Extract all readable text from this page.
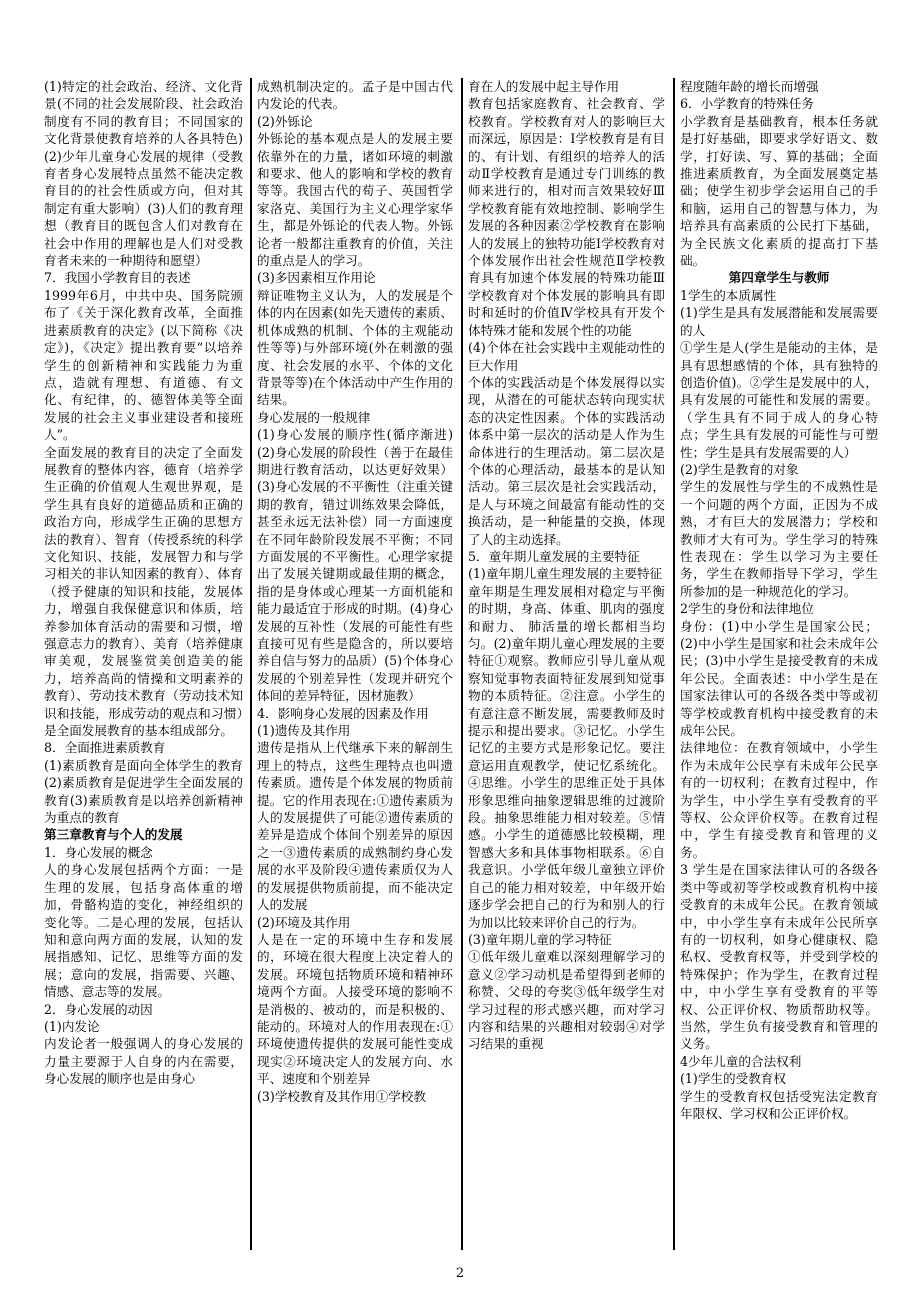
(1)特定的社会政治、经济、文化背景(不同的社会发展阶段、社会政治制度有不同的教育目；不同国家的文化背景使教育培养的人各具特色)(2)少年儿童身心发展的规律（受教育者身心发展特点虽然不能决定教育目的的社会性质或方向，但对其制定有重大影响）(3)人们的教育理想（教育目的既包含人们对教育在社会中作用的理解也是人们对受教育者未来的一种期待和愿望）

7．我国小学教育目的表述

1999年6月，中共中央、国务院颁布了《关于深化教育改革，全面推进素质教育的决定》(以下简称《决定》)，《决定》提出教育要“以培养学生的创新精神和实践能力为重点，造就有理想、有道德、有文化、有纪律，的、德智体美等全面发展的社会主义事业建设者和接班人”。

全面发展的教育目的决定了全面发展教育的整体内容，德育（培养学生正确的价值观人生观世界观，是学生具有良好的道德品质和正确的政治方向，形成学生正确的思想方法的教育）、智育（传授系统的科学文化知识、技能，发展智力和与学习相关的非认知因素的教育）、体育（授予健康的知识和技能，发展体力，增强自我保健意识和体质，培养参加体育活动的需要和习惯，增强意志力的教育）、美育（培养健康审美观，发展鉴赏美创造美的能力，培养高尚的情操和文明素养的教育）、劳动技术教育（劳动技术知识和技能，形成劳动的观点和习惯）是全面发展教育的基本组成部分。

8．全面推进素质教育

(1)素质教育是面向全体学生的教育(2)素质教育是促进学生全面发展的教育(3)素质教育是以培养创新精神为重点的教育

第三章教育与个人的发展

1．身心发展的概念

人的身心发展包括两个方面：一是生理的发展，包括身高体重的增加，骨骼构造的变化，神经组织的变化等。二是心理的发展，包括认知和意向两方面的发展，认知的发展指感知、记忆、思维等方面的发展；意向的发展，指需要、兴趣、情感、意志等的发展。

2．身心发展的动因

(1)内发论

内发论者一般强调人的身心发展的力量主要源于人自身的内在需要，身心发展的顺序也是由身心

成熟机制决定的。孟子是中国古代内发论的代表。

(2)外铄论

外铄论的基本观点是人的发展主要依靠外在的力量，诸如环境的刺激和要求、他人的影响和学校的教育等等。我国古代的荀子、英国哲学家洛克、美国行为主义心理学家华生，都是外铄论的代表人物。外铄论者一般都注重教育的价值，关注的重点是人的学习。

(3)多因素相互作用论

辩证唯物主义认为，人的发展是个体的内在因素(如先天遗传的素质、机体成熟的机制、个体的主观能动性等等)与外部环境(外在刺激的强度、社会发展的水平、个体的文化背景等等)在个体活动中产生作用的结果。

身心发展的一般规律

(1)身心发展的顺序性(循序渐进)(2)身心发展的阶段性（善于在最佳期进行教育活动，以达更好效果）(3)身心发展的不平衡性（注重关键期的教育，错过训练效果会降低，甚至永远无法补偿）同一方面速度在不同年龄阶段发展不平衡；不同方面发展的不平衡性。心理学家提出了发展关键期或最佳期的概念，指的是身体或心理某一方面机能和能力最适宜于形成的时期。(4)身心发展的互补性（发展的可能性有些直接可见有些是隐含的，所以要培养自信与努力的品质）(5)个体身心发展的个别差异性（发现并研究个体间的差异特征，因材施教）

4．影响身心发展的因素及作用

(1)遗传及其作用

遗传是指从上代继承下来的解剖生理上的特点，这些生理特点也叫遗传素质。遗传是个体发展的物质前提。它的作用表现在:①遗传素质为人的发展提供了可能②遗传素质的差异是造成个体间个别差异的原因之一③遗传素质的成熟制约身心发展的水平及阶段④遗传素质仅为人的发展提供物质前提，而不能决定人的发展

(2)环境及其作用

人是在一定的环境中生存和发展的，环境在很大程度上决定着人的发展。环境包括物质环境和精神环境两个方面。人接受环境的影响不是消极的、被动的，而是积极的、能动的。环境对人的作用表现在:①环境使遗传提供的发展可能性变成现实②环境决定人的发展方向、水平、速度和个别差异

(3)学校教育及其作用①学校教

育在人的发展中起主导作用

教育包括家庭教育、社会教育、学校教育。学校教育对人的影响巨大而深远，原因是：Ⅰ学校教育是有目的、有计划、有组织的培养人的活动Ⅱ学校教育是通过专门训练的教师来进行的，相对而言效果较好Ⅲ学校教育能有效地控制、影响学生发展的各种因素②学校教育在影响人的发展上的独特功能Ⅰ学校教育对个体发展作出社会性规范Ⅱ学校教育具有加速个体发展的特殊功能Ⅲ学校教育对个体发展的影响具有即时和延时的价值Ⅳ学校具有开发个体特殊才能和发展个性的功能

(4)个体在社会实践中主观能动性的巨大作用

个体的实践活动是个体发展得以实现，从潜在的可能状态转向现实状态的决定性因素。个体的实践活动体系中第一层次的活动是人作为生命体进行的生理活动。第二层次是个体的心理活动，最基本的是认知活动。第三层次是社会实践活动，是人与环境之间最富有能动性的交换活动，是一种能量的交换，体现了人的主动选择。

5．童年期儿童发展的主要特征

(1)童年期儿童生理发展的主要特征

童年期是生理发展相对稳定与平衡的时期，身高、体重、肌肉的强度和耐力、 肺活量的增长都相当均匀。(2)童年期儿童心理发展的主要特征①观察。教师应引导儿童从观察知觉事物表面特征发展到知觉事物的本质特征。②注意。小学生的有意注意不断发展，需要教师及时提示和提出要求。③记忆。小学生记忆的主要方式是形象记忆。要注意运用直观教学，使记忆系统化。④思维。小学生的思维正处于具体形象思维向抽象逻辑思维的过渡阶段。抽象思维能力相对较差。⑤情感。小学生的道德感比较模糊，理智感大多和具体事物相联系。⑥自我意识。小学低年级儿童独立评价自己的能力相对较差，中年级开始逐步学会把自己的行为和别人的行为加以比较来评价自己的行为。

(3)童年期儿童的学习特征

①低年级儿童难以深刻理解学习的意义②学习动机是希望得到老师的称赞、父母的夸奖③低年级学生对学习过程的形式感兴趣，而对学习内容和结果的兴趣相对较弱④对学习结果的重视

程度随年龄的增长而增强

6．小学教育的特殊任务

小学教育是基础教育，根本任务就是打好基础，即要求学好语文、数学，打好读、写、算的基础；全面推进素质教育，为全面发展奠定基础；使学生初步学会运用自己的手和脑，运用自己的智慧与体力，为培养具有高素质的公民打下基础，为全民族文化素质的提高打下基础。

第四章学生与教师

1学生的本质属性

(1)学生是具有发展潜能和发展需要的人

①学生是人(学生是能动的主体，是具有思想感情的个体，具有独特的创造价值)。②学生是发展中的人，具有发展的可能性和发展的需要。（学生具有不同于成人的身心特点；学生具有发展的可能性与可塑性；学生是具有发展需要的人）

(2)学生是教育的对象

学生的发展性与学生的不成熟性是一个问题的两个方面，正因为不成熟，才有巨大的发展潜力；学校和教师才大有可为。学生学习的特殊性表现在：学生以学习为主要任务，学生在教师指导下学习，学生所参加的是一种规范化的学习。

2学生的身份和法律地位

身份：(1)中小学生是国家公民；(2)中小学生是国家和社会未成年公民；(3)中小学生是接受教育的未成年公民。全面表述：中小学生是在国家法律认可的各级各类中等或初等学校或教育机构中接受教育的未成年公民。

法律地位：在教育领域中，小学生作为未成年公民享有未成年公民享有的一切权利；在教育过程中，作为学生，中小学生享有受教育的平等权、公众评价权等。在教育过程中，学生有接受教育和管理的义务。

3 学生是在国家法律认可的各级各类中等或初等学校或教育机构中接受教育的未成年公民。在教育领域中，中小学生享有未成年公民所享有的一切权利，如身心健康权、隐私权、受教育权等，并受到学校的特殊保护；作为学生，在教育过程中，中小学生享有受教育的平等权、公正评价权、物质帮助权等。当然，学生负有接受教育和管理的义务。

4少年儿童的合法权利

(1)学生的受教育权

学生的受教育权包括受宪法定教育年限权、学习权和公正评价权。

2
